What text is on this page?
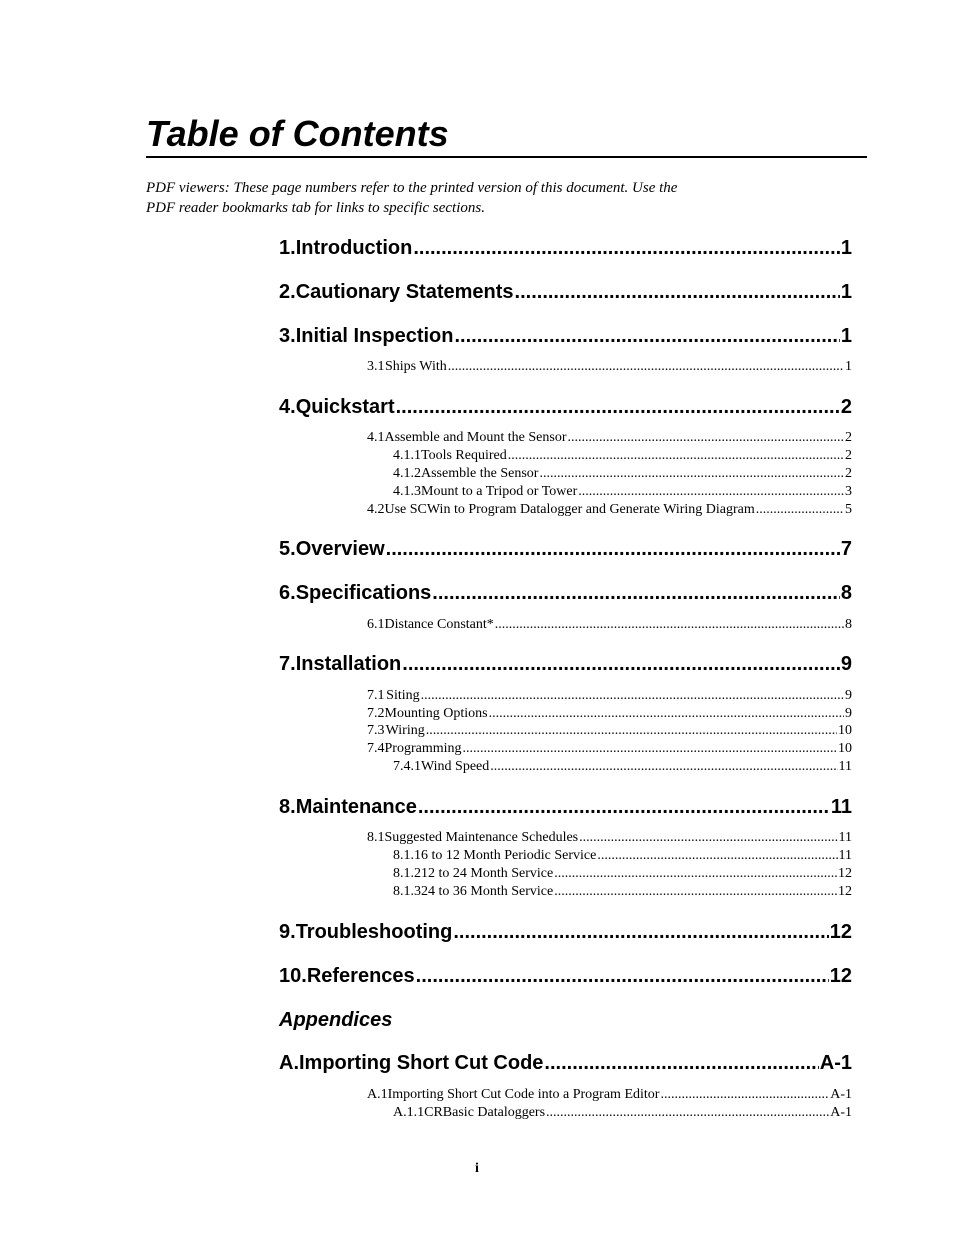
Table of Contents
PDF viewers: These page numbers refer to the printed version of this document. Use the
PDF reader bookmarks tab for links to specific sections.
1. Introduction .....	1
2. Cautionary Statements .....	1
3. Initial Inspection .....	1
3.1 Ships With .....	1
4. Quickstart .....	2
4.1 Assemble and Mount the Sensor .....	2
4.1.1 Tools Required .....	2
4.1.2 Assemble the Sensor .....	2
4.1.3 Mount to a Tripod or Tower .....	3
4.2 Use SCWin to Program Datalogger and Generate Wiring Diagram .....	5
5. Overview .....	7
6. Specifications .....	8
6.1 Distance Constant* .....	8
7. Installation .....	9
7.1 Siting .....	9
7.2 Mounting Options .....	9
7.3 Wiring .....	10
7.4 Programming .....	10
7.4.1 Wind Speed .....	11
8. Maintenance .....	11
8.1 Suggested Maintenance Schedules .....	11
8.1.1 6 to 12 Month Periodic Service .....	11
8.1.2 12 to 24 Month Service .....	12
8.1.3 24 to 36 Month Service .....	12
9. Troubleshooting .....	12
10. References .....	12
Appendices
A. Importing Short Cut Code .....	A-1
A.1 Importing Short Cut Code into a Program Editor .....	A-1
A.1.1 CRBasic Dataloggers .....	A-1
i
